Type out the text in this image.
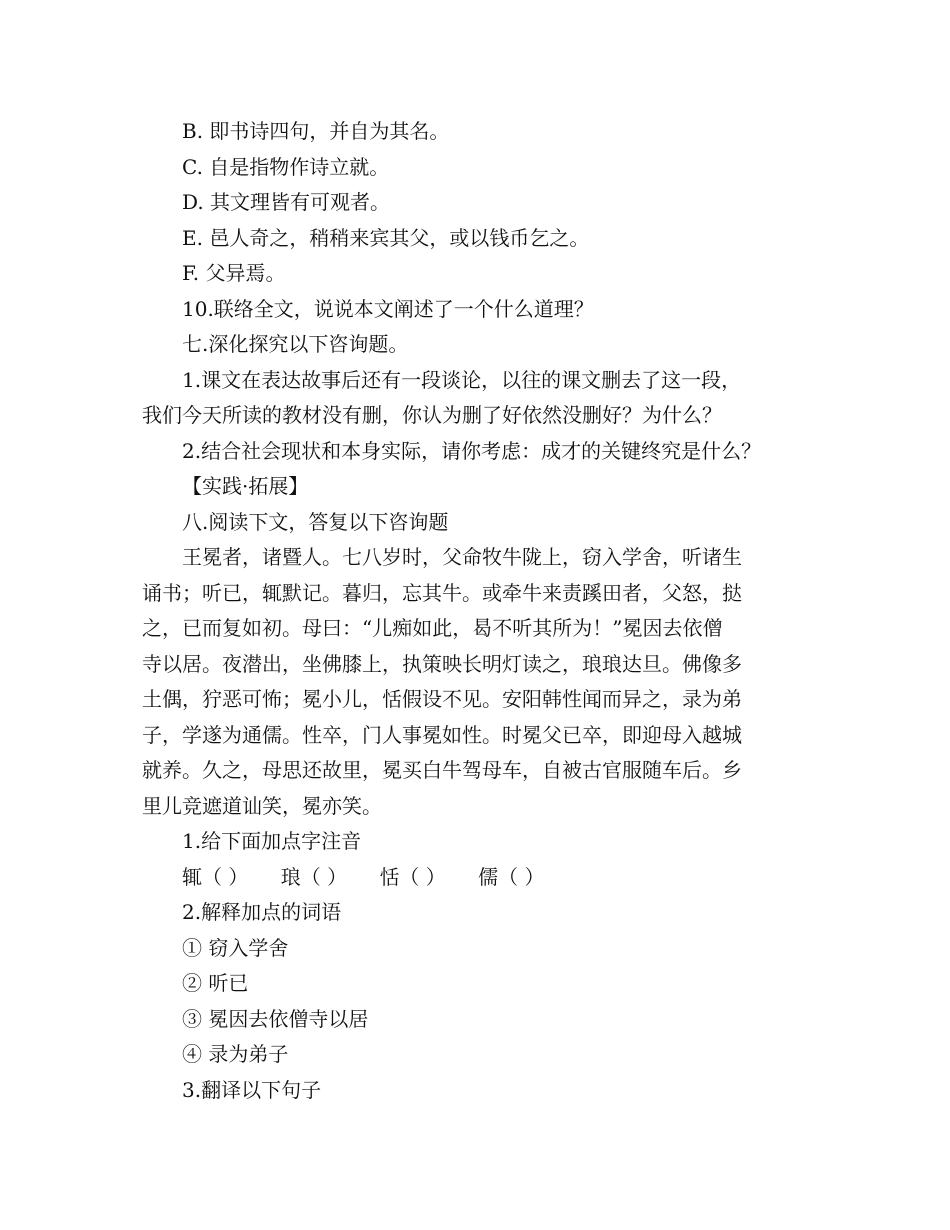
B. 即书诗四句，并自为其名。
C. 自是指物作诗立就。
D. 其文理皆有可观者。
E. 邑人奇之，稍稍来宾其父，或以钱币乞之。
F. 父异焉。
10.联络全文，说说本文阐述了一个什么道理？
七.深化探究以下咨询题。
1.课文在表达故事后还有一段谈论，以往的课文删去了这一段，
我们今天所读的教材没有删，你认为删了好依然没删好？为什么？
2.结合社会现状和本身实际，请你考虑：成才的关键终究是什么？
【实践·拓展】
八.阅读下文，答复以下咨询题
王冕者，诸暨人。七八岁时，父命牧牛陇上，窃入学舍，听诸生
诵书；听已，辄默记。暮归，忘其牛。或牵牛来责蹊田者，父怒，挞
之，已而复如初。母曰：“儿痴如此，曷不听其所为！”冕因去依僧
寺以居。夜潜出，坐佛膝上，执策映长明灯读之，琅琅达旦。佛像多
土偶，狞恶可怖；冕小儿，恬假设不见。安阳韩性闻而异之，录为弟
子，学遂为通儒。性卒，门人事冕如性。时冕父已卒，即迎母入越城
就养。久之，母思还故里，冕买白牛驾母车，自被古官服随车后。乡
里儿竞遮道讪笑，冕亦笑。
1.给下面加点字注音
辄（ ） 琅（ ） 恬（ ） 儒（ ）
2.解释加点的词语
① 窃入学舍
② 听已
③ 冕因去依僧寺以居
④ 录为弟子
3.翻译以下句子
